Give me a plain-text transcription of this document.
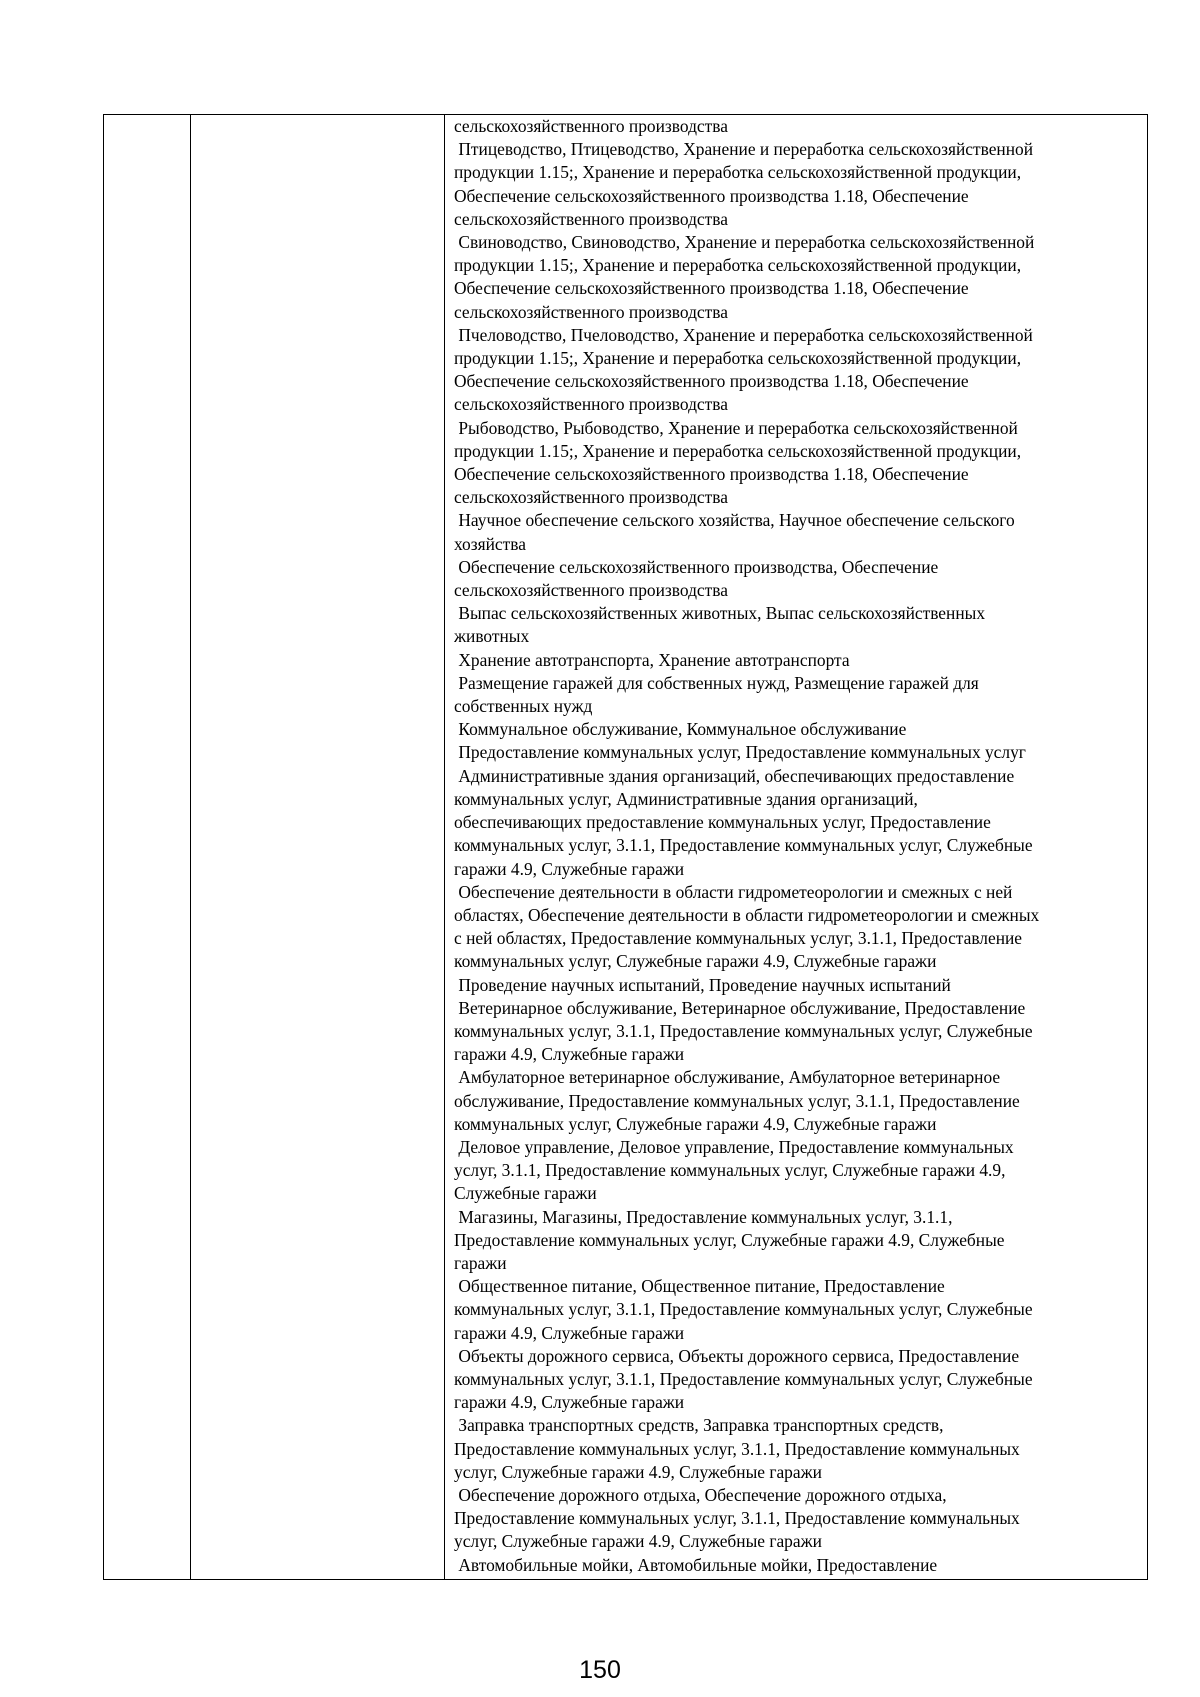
сельскохозяйственного производства

Птицеводство, Птицеводство, Хранение и переработка сельскохозяйственной
продукции 1.15;, Хранение и переработка сельскохозяйственной продукции,
Обеспечение сельскохозяйственного производства 1.18, Обеспечение
сельскохозяйственного производства

Свиноводство, Свиноводство, Хранение и переработка сельскохозяйственной
продукции 1.15;, Хранение и переработка сельскохозяйственной продукции,
Обеспечение сельскохозяйственного производства 1.18, Обеспечение
сельскохозяйственного производства

Пчеловодство, Пчеловодство, Хранение и переработка сельскохозяйственной
продукции 1.15;, Хранение и переработка сельскохозяйственной продукции,
Обеспечение сельскохозяйственного производства 1.18, Обеспечение
сельскохозяйственного производства

Рыбоводство, Рыбоводство, Хранение и переработка сельскохозяйственной
продукции 1.15;, Хранение и переработка сельскохозяйственной продукции,
Обеспечение сельскохозяйственного производства 1.18, Обеспечение
сельскохозяйственного производства

Научное обеспечение сельского хозяйства, Научное обеспечение сельского
хозяйства

Обеспечение сельскохозяйственного производства, Обеспечение
сельскохозяйственного производства

Выпас сельскохозяйственных животных, Выпас сельскохозяйственных
животных

Хранение автотранспорта, Хранение автотранспорта

Размещение гаражей для собственных нужд, Размещение гаражей для
собственных нужд

Коммунальное обслуживание, Коммунальное обслуживание

Предоставление коммунальных услуг, Предоставление коммунальных услуг

Административные здания организаций, обеспечивающих предоставление
коммунальных услуг, Административные здания организаций,
обеспечивающих предоставление коммунальных услуг, Предоставление
коммунальных услуг, 3.1.1, Предоставление коммунальных услуг, Служебные
гаражи 4.9, Служебные гаражи

Обеспечение деятельности в области гидрометеорологии и смежных с ней
областях, Обеспечение деятельности в области гидрометеорологии и смежных
с ней областях, Предоставление коммунальных услуг, 3.1.1, Предоставление
коммунальных услуг, Служебные гаражи 4.9, Служебные гаражи

Проведение научных испытаний, Проведение научных испытаний

Ветеринарное обслуживание, Ветеринарное обслуживание, Предоставление
коммунальных услуг, 3.1.1, Предоставление коммунальных услуг, Служебные
гаражи 4.9, Служебные гаражи

Амбулаторное ветеринарное обслуживание, Амбулаторное ветеринарное
обслуживание, Предоставление коммунальных услуг, 3.1.1, Предоставление
коммунальных услуг, Служебные гаражи 4.9, Служебные гаражи

Деловое управление, Деловое управление, Предоставление коммунальных
услуг, 3.1.1, Предоставление коммунальных услуг, Служебные гаражи 4.9,
Служебные гаражи

Магазины, Магазины, Предоставление коммунальных услуг, 3.1.1,
Предоставление коммунальных услуг, Служебные гаражи 4.9, Служебные
гаражи

Общественное питание, Общественное питание, Предоставление
коммунальных услуг, 3.1.1, Предоставление коммунальных услуг, Служебные
гаражи 4.9, Служебные гаражи

Объекты дорожного сервиса, Объекты дорожного сервиса, Предоставление
коммунальных услуг, 3.1.1, Предоставление коммунальных услуг, Служебные
гаражи 4.9, Служебные гаражи

Заправка транспортных средств, Заправка транспортных средств,
Предоставление коммунальных услуг, 3.1.1, Предоставление коммунальных
услуг, Служебные гаражи 4.9, Служебные гаражи

Обеспечение дорожного отдыха, Обеспечение дорожного отдыха,
Предоставление коммунальных услуг, 3.1.1, Предоставление коммунальных
услуг, Служебные гаражи 4.9, Служебные гаражи

Автомобильные мойки, Автомобильные мойки, Предоставление

150
